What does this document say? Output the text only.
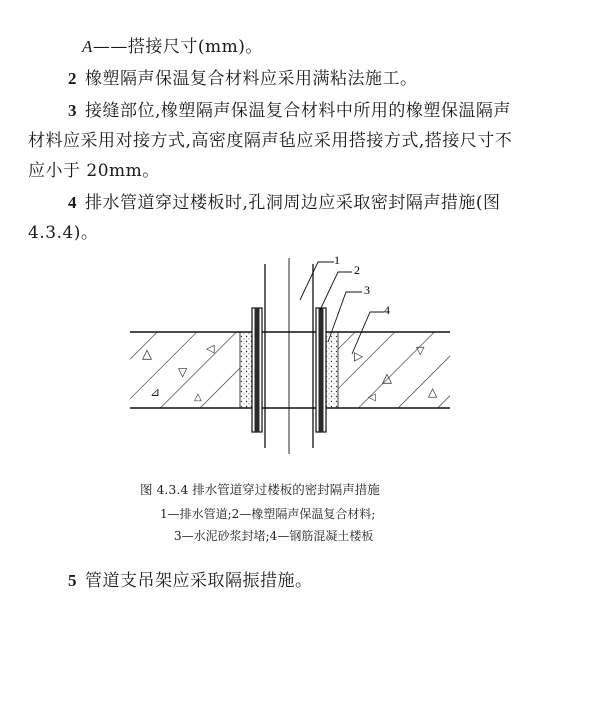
A——搭接尺寸(mm)。
2 橡塑隔声保温复合材料应采用满粘法施工。
3 接缝部位,橡塑隔声保温复合材料中所用的橡塑保温隔声
材料应采用对接方式,高密度隔声毡应采用搭接方式,搭接尺寸不
应小于 20mm。
4 排水管道穿过楼板时,孔洞周边应采取密封隔声措施(图
4.3.4)。
△
▽
◁
⊿	△
▷
△
▽
◁	△
1
2
3
4
图 4.3.4 排水管道穿过楼板的密封隔声措施
1—排水管道;2—橡塑隔声保温复合材料;
3—水泥砂浆封堵;4—钢筋混凝土楼板
5 管道支吊架应采取隔振措施。
